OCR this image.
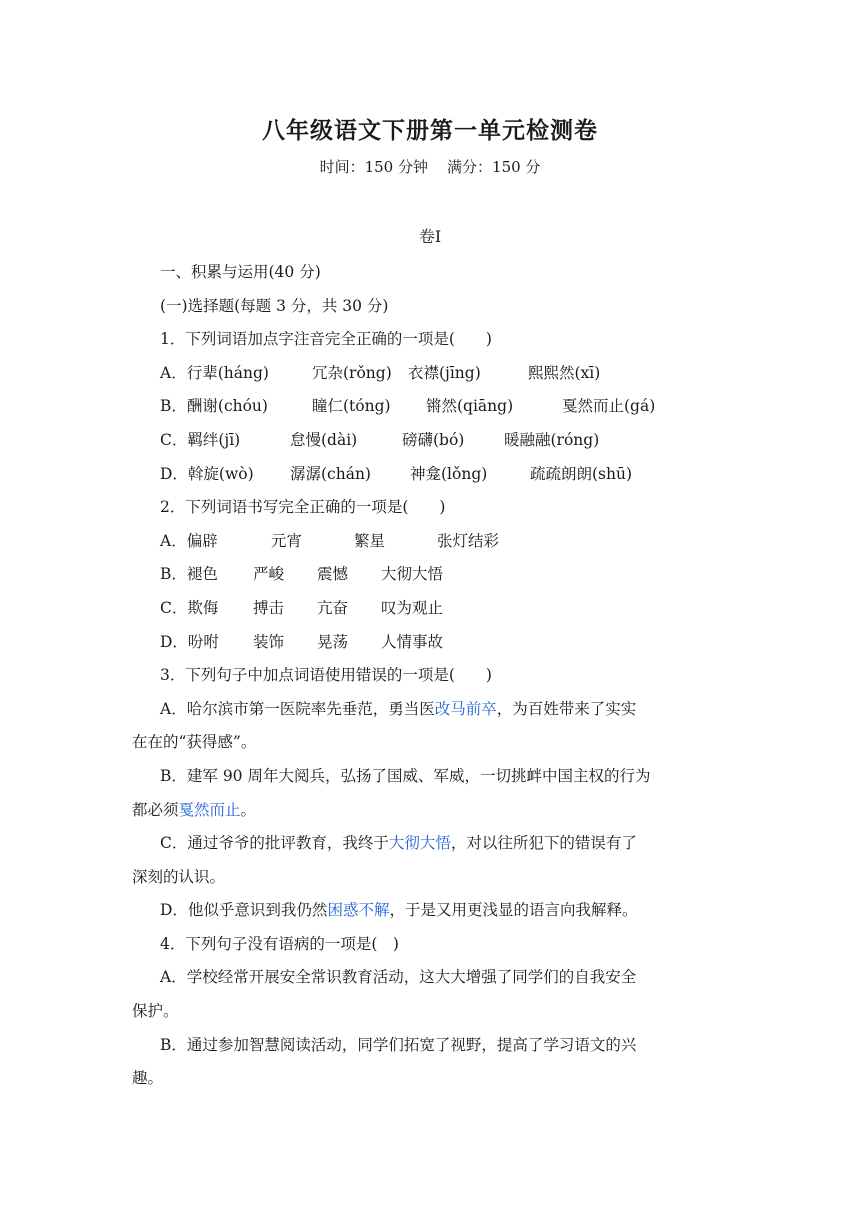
八年级语文下册第一单元检测卷
时间：150 分钟    满分：150 分
卷Ⅰ
一、积累与运用(40 分)
(一)选择题(每题 3 分，共 30 分)
1．下列词语加点字注音完全正确的一项是(　　)
A．行辈(háng)	冗杂(rǒng)	衣襟(jīng)	熙熙然(xī)
B．酬谢(chóu)	瞳仁(tóng)	锵然(qiāng)	戛然而止(gá)
C．羁绊(jī)	怠慢(dài)	磅礴(bó)	暖融融(róng)
D．斡旋(wò)	潺潺(chán)	神龛(lǒng)	疏疏朗朗(shū)
2．下列词语书写完全正确的一项是(　　)
A．偏辟	元宵	繁星	张灯结彩
B．褪色	严峻	震憾	大彻大悟
C．欺侮	搏击	亢奋	叹为观止
D．吩咐	装饰	晃荡	人情事故
3．下列句子中加点词语使用错误的一项是(　　)
A．哈尔滨市第一医院率先垂范，勇当医改马前卒，为百姓带来了实实
在在的“获得感”。
B．建军 90 周年大阅兵，弘扬了国威、军威，一切挑衅中国主权的行为
都必须戛然而止。
C．通过爷爷的批评教育，我终于大彻大悟，对以往所犯下的错误有了
深刻的认识。
D．他似乎意识到我仍然困惑不解，于是又用更浅显的语言向我解释。
4．下列句子没有语病的一项是(　)
A．学校经常开展安全常识教育活动，这大大增强了同学们的自我安全
保护。
B．通过参加智慧阅读活动，同学们拓宽了视野，提高了学习语文的兴
趣。
